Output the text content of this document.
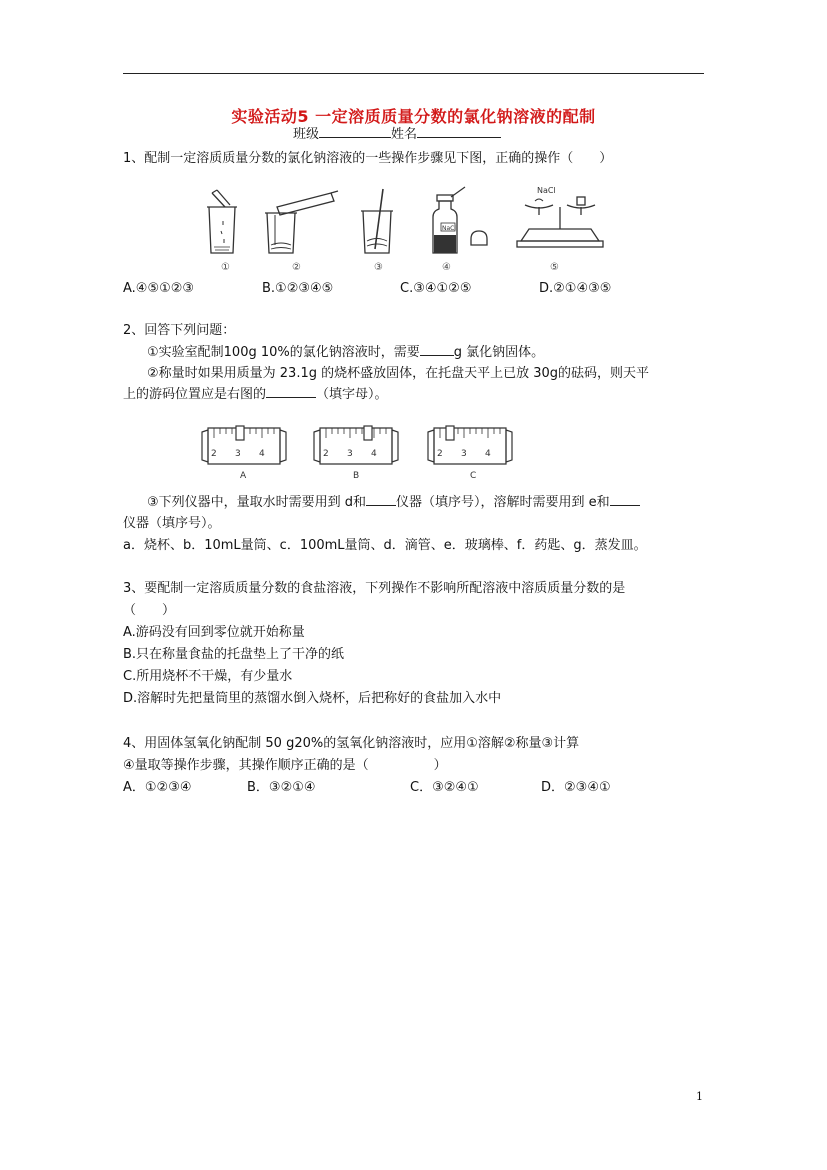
实验活动5 一定溶质质量分数的氯化钠溶液的配制
班级	姓名
1、配制一定溶质质量分数的氯化钠溶液的一些操作步骤见下图，正确的操作（　　）
NaCl
NaCl
①	②	③	④	⑤
A.④⑤①②③	B.①②③④⑤	C.③④①②⑤	D.②①④③⑤
2、回答下列问题：
①实验室配制100g 10%的氯化钠溶液时，需要	g 氯化钠固体。
②称量时如果用质量为 23.1g 的烧杯盛放固体，在托盘天平上已放 30g的砝码，则天平
上的游码位置应是右图的	（填字母）。
2 3 4	2 3 4	2 3 4
A	B	C
③下列仪器中，量取水时需要用到 d和 仪器（填序号），溶解时需要用到 e和
仪器（填序号）。
a．烧杯、b．10mL量筒、c．100mL量筒、d．滴管、e．玻璃棒、f．药匙、g．蒸发皿。
3、要配制一定溶质质量分数的食盐溶液，下列操作不影响所配溶液中溶质质量分数的是
（　　）
A.游码没有回到零位就开始称量
B.只在称量食盐的托盘垫上了干净的纸
C.所用烧杯不干燥，有少量水
D.溶解时先把量筒里的蒸馏水倒入烧杯，后把称好的食盐加入水中
4、用固体氢氧化钠配制 50 g20%的氢氧化钠溶液时，应用①溶解②称量③计算
④量取等操作步骤，其操作顺序正确的是（　　　　　）
A．①②③④	B．③②①④	C．③②④①	D．②③④①
1
